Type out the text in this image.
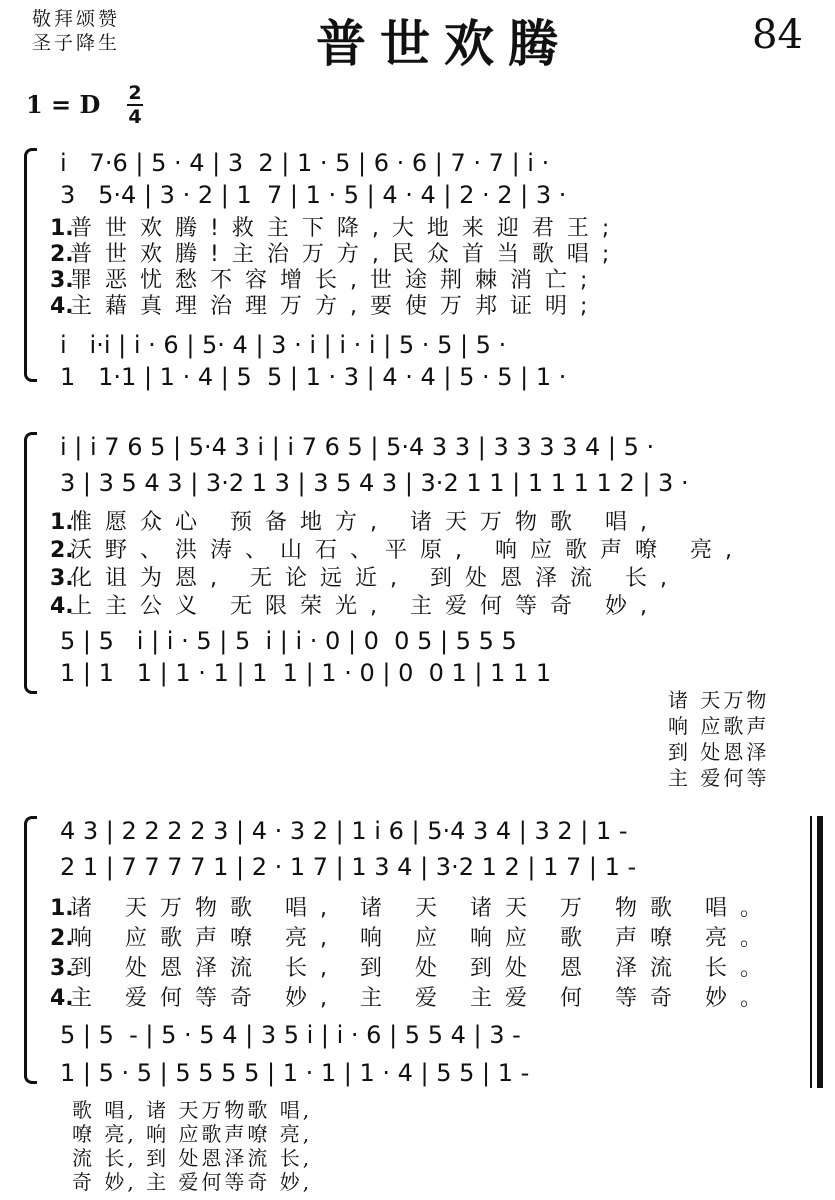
敬拜颂赞
圣子降生	普世欢腾	84
1 = D 2
4
i   7·6 | 5 · 4 | 3  2 | 1 · 5 | 6 · 6 | 7 · 7 | i ·
3   5·4 | 3 · 2 | 1  7 | 1 · 5 | 4 · 4 | 2 · 2 | 3 ·
1.普世欢腾!救主下降,大地来迎君王;
2.普世欢腾!主治万方,民众首当歌唱;
3.罪恶忧愁不容增长,世途荆棘消亡;
4.主藉真理治理万方,要使万邦证明;
i   i·i | i · 6 | 5· 4 | 3 · i | i · i | 5 · 5 | 5 ·
1   1·1 | 1 · 4 | 5  5 | 1 · 3 | 4 · 4 | 5 · 5 | 1 ·
i | i 7 6 5 | 5·4 3 i | i 7 6 5 | 5·4 3 3 | 3 3 3 3 4 | 5 ·
3 | 3 5 4 3 | 3·2 1 3 | 3 5 4 3 | 3·2 1 1 | 1 1 1 1 2 | 3 ·
1.惟愿众心 预备地方, 诸天万物歌 唱,
2.沃野、洪涛、山石、平原, 响应歌声嘹 亮,
3.化诅为恩, 无论远近, 到处恩泽流 长,
4.上主公义 无限荣光, 主爱何等奇 妙,
5 | 5   i | i · 5 | 5  i | i · 0 | 0  0 5 | 5 5 5
1 | 1   1 | 1 · 1 | 1  1 | 1 · 0 | 0  0 1 | 1 1 1
诸 天万物
响 应歌声
到 处恩泽
主 爱何等
4 3 | 2 2 2 2 3 | 4 · 3 2 | 1 i 6 | 5·4 3 4 | 3 2 | 1 -
2 1 | 7 7 7 7 1 | 2 · 1 7 | 1 3 4 | 3·2 1 2 | 1 7 | 1 -
1.诸 天万物歌 唱, 诸 天 诸天 万 物歌 唱。
2.响 应歌声嘹 亮, 响 应 响应 歌 声嘹 亮。
3.到 处恩泽流 长, 到 处 到处 恩 泽流 长。
4.主 爱何等奇 妙, 主 爱 主爱 何 等奇 妙。
5 | 5  - | 5 · 5 4 | 3 5 i | i · 6 | 5 5 4 | 3 -
1 | 5 · 5 | 5 5 5 5 | 1 · 1 | 1 · 4 | 5 5 | 1 -
歌 唱, 诸 天万物歌 唱,
嘹 亮, 响 应歌声嘹 亮,
流 长, 到 处恩泽流 长,
奇 妙, 主 爱何等奇 妙,
